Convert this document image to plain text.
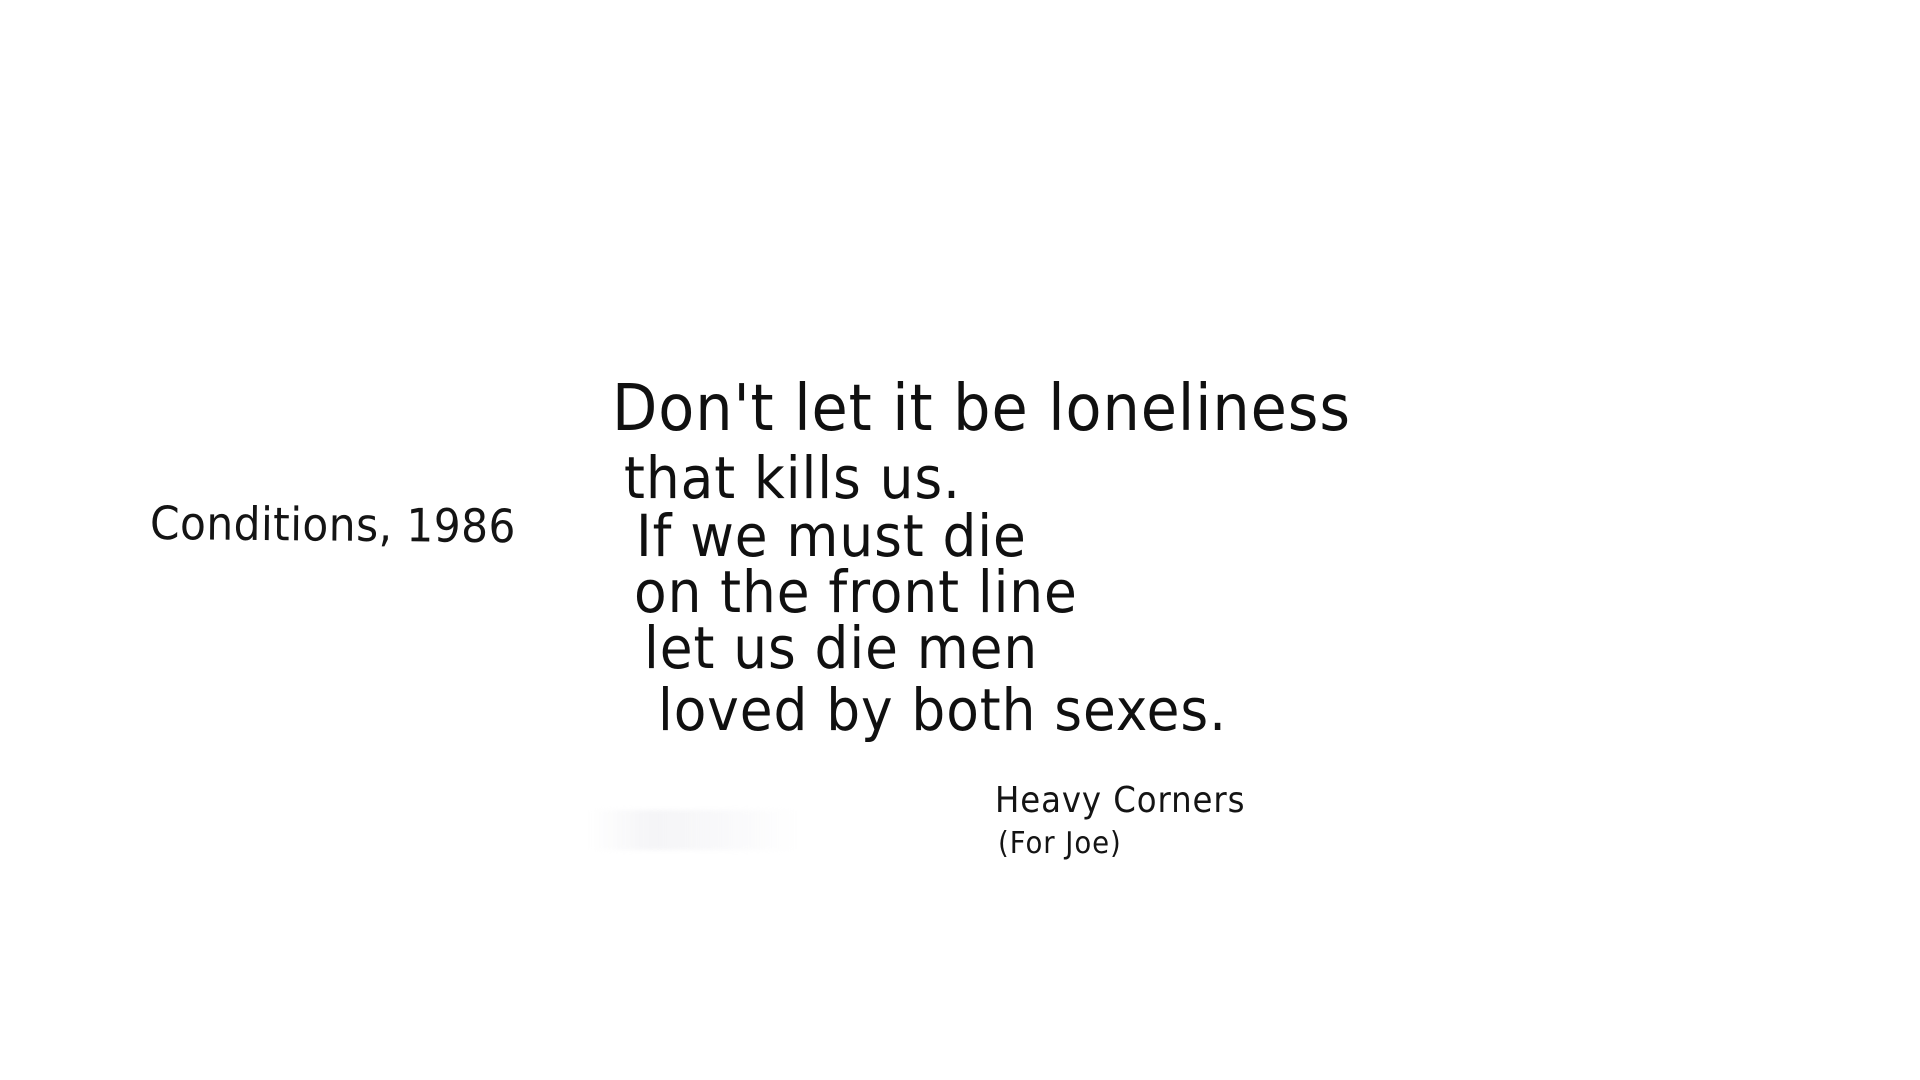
Conditions, 1986
Don't let it be loneliness
that kills us.
If we must die
on the front line
let us die men
loved by both sexes.
Heavy Corners
(For Joe)
